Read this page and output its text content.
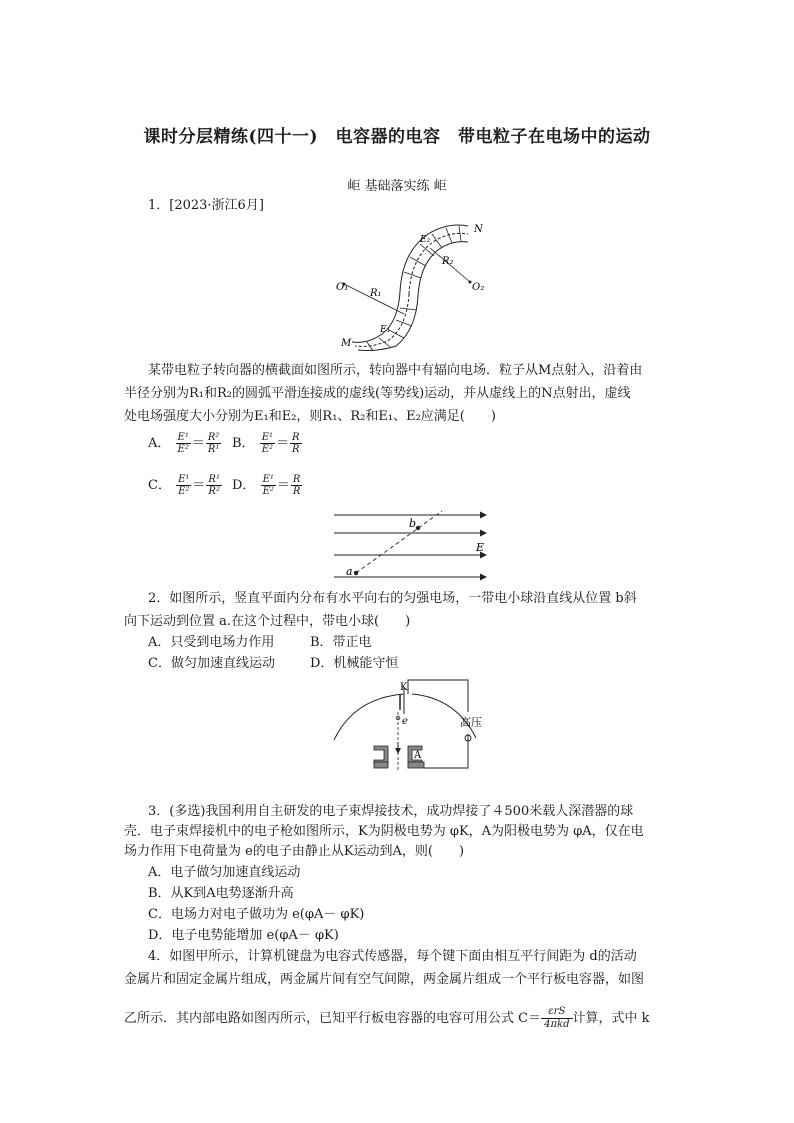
课时分层精练(四十一)　电容器的电容　带电粒子在电场中的运动
岠 基础落实练 岠
1．[2023·浙江6月]
O₁	O₂
R₁
R₂
E₂
E₁
N
M
某带电粒子转向器的横截面如图所示，转向器中有辐向电场．粒子从M点射入，沿着由
半径分别为R₁和R₂的圆弧平滑连接成的虚线(等势线)运动，并从虚线上的N点射出，虚线
处电场强度大小分别为E₁和E₂，则R₁、R₂和E₁、E₂应满足(　　)
A． $\frac{\text{E¹}}{\text{E²}} = \frac{\text{R²}}{\text{R¹}}$ B． $\frac{\text{E¹}}{\text{E²}} = \frac{R}{R}$
C． $\frac{\text{E¹}}{\text{E²}} = \frac{\text{R¹}}{\text{R²}}$ D． $\frac{\text{E¹}}{\text{E²}} = \frac{R}{R}$
b
a
E
2．如图所示，竖直平面内分布有水平向右的匀强电场，一带电小球沿直线从位置 b斜
向下运动到位置 a.在这个过程中，带电小球(　　)
A．只受到电场力作用	B．带正电
C．做匀加速直线运动	D．机械能守恒
K
e
A
高压
3．(多选)我国利用自主研发的电子束焊接技术，成功焊接了４500米载人深潜器的球
壳．电子束焊接机中的电子枪如图所示，K为阴极电势为 φK，A为阳极电势为 φA，仅在电
场力作用下电荷量为 e的电子由静止从K运动到A，则(　　)
A．电子做匀加速直线运动
B．从K到A电势逐渐升高
C．电场力对电子做功为 e(φA－ φK)
D．电子电势能增加 e(φA－ φK)
4．如图甲所示，计算机键盘为电容式传感器，每个键下面由相互平行间距为 d的活动
金属片和固定金属片组成，两金属片间有空气间隙，两金属片组成一个平行板电容器，如图
乙所示．其内部电路如图丙所示，已知平行板电容器的电容可用公式 $C= \frac{\text{εrS}}{\text{4πkd}}$ 计算，式中 k
